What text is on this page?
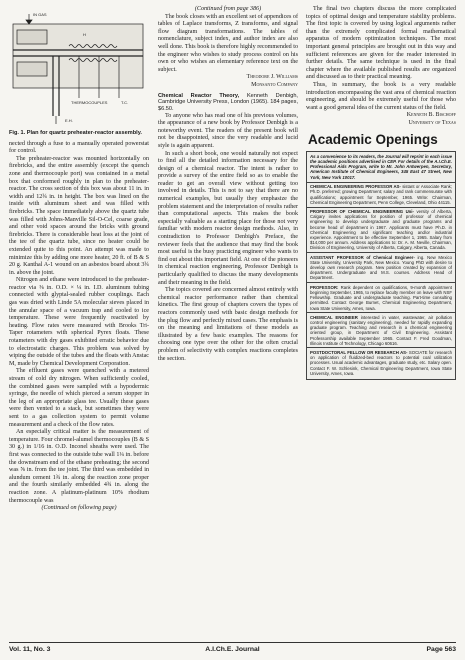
IN GAS
H
THERMOCOUPLES
E.H.
T.C.

Fig. 1. Plan for quartz preheater-reactor assembly.

nected through a fuse to a manually operated powerstat for control.

The preheater-reactor was mounted horizontally on firebricks, and the entire assembly (except the quench zone and thermocouple port) was contained in a metal box that conformed roughly in plan to the preheater-reactor. The cross section of this box was about 11 in. in width and 12¾ in. in height. The box was lined on the inside with aluminum sheet and was filled with firebricks. The space immediately above the quartz tube was filled with Johns-Manville Sil-O-Cel, coarse grade, and other void spaces around the bricks with ground firebricks. There is considerable heat loss at the joint of the tee of the quartz tube, since no heater could be extended quite to this point. An attempt was made to minimize this by adding one more heater, 20 ft. of B & S 20 g. Kanthal A-1 wound on an asbestos board about 3¾ in. above the joint.

Nitrogen and ethane were introduced to the preheater-reactor via ⅜ in. O.D. × ¼ in. I.D. aluminum tubing connected with glyptal-sealed rubber couplings. Each gas was dried with Linde 5A molecular sieves placed in the annular space of a vacuum trap and cooled to ice temperature. These were frequently reactivated by heating. Flow rates were measured with Brooks Tri-Taper rotameters with spherical Pyrex floats. These rotameters with dry gases exhibited erratic behavior due to electrostatic charges. This problem was solved by wiping the outside of the tubes and the floats with Anstac M, made by Chemical Development Corporation.

The effluent gases were quenched with a metered stream of cold dry nitrogen. When sufficiently cooled, the combined gases were sampled with a hypodermic syringe, the needle of which pierced a serum stopper in the leg of an appropriate glass tee. Usually these gases were then vented to a stack, but sometimes they were sent to a gas collection system to permit volume measurement and a check of the flow rates.

An especially critical matter is the measurement of temperature. Four chromel-alumel thermocouples (B & S 30 g.) in 1/16 in. O.D. Inconel sheaths were used. The first was connected to the outside tube wall 1¼ in. before the downstream end of the ethane preheating; the second was ⅝ in. from the tee joint. The third was embedded in alundum cement 1¾ in. along the reaction zone proper and the fourth similarly embedded 4¾ in. along the reaction zone. A platinum-platinum 10% rhodium thermocouple was

(Continued on following page)

(Continued from page 386)

The book closes with an excellent set of appendices of tables of Laplace transforms, Z transforms, and signal flow diagram transformations. The tables of nomenclature, subject index, and author index are also well done. This book is therefore highly recommended to the engineer who wishes to study process control on his own or who wishes an elementary reference text on the subject.

Theodore J. Williams

Monsanto Company

Chemical Reactor Theory, Kenneth Denbigh, Cambridge University Press, London (1965). 184 pages, $6.50.

To anyone who has read one of his previous volumes, the appearance of a new book by Professor Denbigh is a noteworthy event. The readers of the present book will not be disappointed, since the very readable and lucid style is again apparent.

In such a short book, one would naturally not expect to find all the detailed information necessary for the design of a chemical reactor. The intent is rather to provide a survey of the entire field so as to enable the reader to get an overall view without getting too involved in details. This is not to say that there are no numerical examples, but usually they emphasize the problem statement and the interpretation of results rather than computational aspects. This makes the book especially valuable as a starting place for those not very familiar with modern reactor design methods. Also, in contradiction to Professor Denbigh's Preface, the reviewer feels that the audience that may find the book most useful is the busy practicing engineer who wants to find out about this important field. At one of the pioneers in chemical reaction engineering, Professor Denbigh is particularly qualified to discuss the many developments and their meaning in the field.

The topics covered are concerned almost entirely with chemical reactor performance rather than chemical kinetics. The first group of chapters covers the types of reactors commonly used with basic design methods for the plug flow and perfectly mixed cases. The emphasis is on the meaning and limitations of these models as illustrated by a few basic examples. The reasons for choosing one type over the other for the often crucial problem of selectivity with complex reactions completes the section.

The final two chapters discuss the more complicated topics of optimal design and temperature stability problems. The first topic is covered by using logical arguments rather than the extremely complicated formal mathematical apparatus of modern optimization techniques. The most important general principles are brought out in this way and sufficient references are given for the reader interested in further details. The same technique is used in the final chapter where the available published results are organized and discussed as to their practical meaning.

Thus, in summary, the book is a very readable introduction encompassing the vast area of chemical reaction engineering, and should be extremely useful for those who want a good general idea of the current status of the field.

Kenneth B. Bischoff

University of Texas

Academic Openings
As a convenience to its readers, the Journal will reprint in each issue the academic positions advertised in CEP. For details of the A.I.Ch.E. Professional Aids Program, write to Mr. John Antwerpen, Secretary, American Institute of Chemical Engineers, 345 East 47 Street, New York, New York 10017.
CHEMICAL ENGINEERING PROFESSOR AS- sistant or Associate Rank; Ph.D. preferred; growing Department; salary and rank commensurate with qualifications; appointment for September, 1965. Write: Chairman, Chemical Engineering Department, Penn College, Cleveland, Ohio 44115.
PROFESSOR OF CHEMICAL ENGINEERING Uni- versity of Alberta, Calgary invites applications for position of professor of chemical engineering to develop undergraduate and graduate programs and become head of department in 1967. Applicants must have Ph.D. in Chemical Engineering and significant teaching and/or industrial experience. Appointment to be effective September 1, 1965. Salary from $14,000 per annum. Address applications to: Dr. A. M. Neville, Chairman, Division of Engineering, University of Alberta, Calgary, Alberta, Canada.
ASSISTANT PROFESSOR of Chemical Engineer- ing. New Mexico State University, University Park, New Mexico. Young PhD with desire to develop own research program. New position created by expansion of department. Undergraduate and M.S. courses. Address Head of Department.
PROFESSOR: Rank dependent on qualifications, 9-month appointment beginning September, 1965, to replace faculty member on leave with NSF Fellowship. Graduate and undergraduate teaching. Part-time consulting permitted. Contact George Burnet, Chemical Engineering Department, Iowa State University, Ames, Iowa.
CHEMICAL ENGINEER interested in water, wastewater, air pollution control engineering (sanitary engineering), needed for rapidly expanding graduate program. Teaching and research in a chemical engineering oriented group, in Department of Civil Engineering. Assistant Professorship available September 1965. Contact F. Fred Goodman, Illinois Institute of Technology, Chicago 60616.
POSTDOCTORAL FELLOW OR RESEARCH AS- SOCIATE for research on application of fluidized-bed reactors to potential coal utilization processes. Usual academic advantages, graduate study, etc. Salary open. Contact F. W. Schlesink, Chemical Engineering Department, Iowa State University, Ames, Iowa.
Vol. 11, No. 3	A.I.Ch.E. Journal	Page 563
